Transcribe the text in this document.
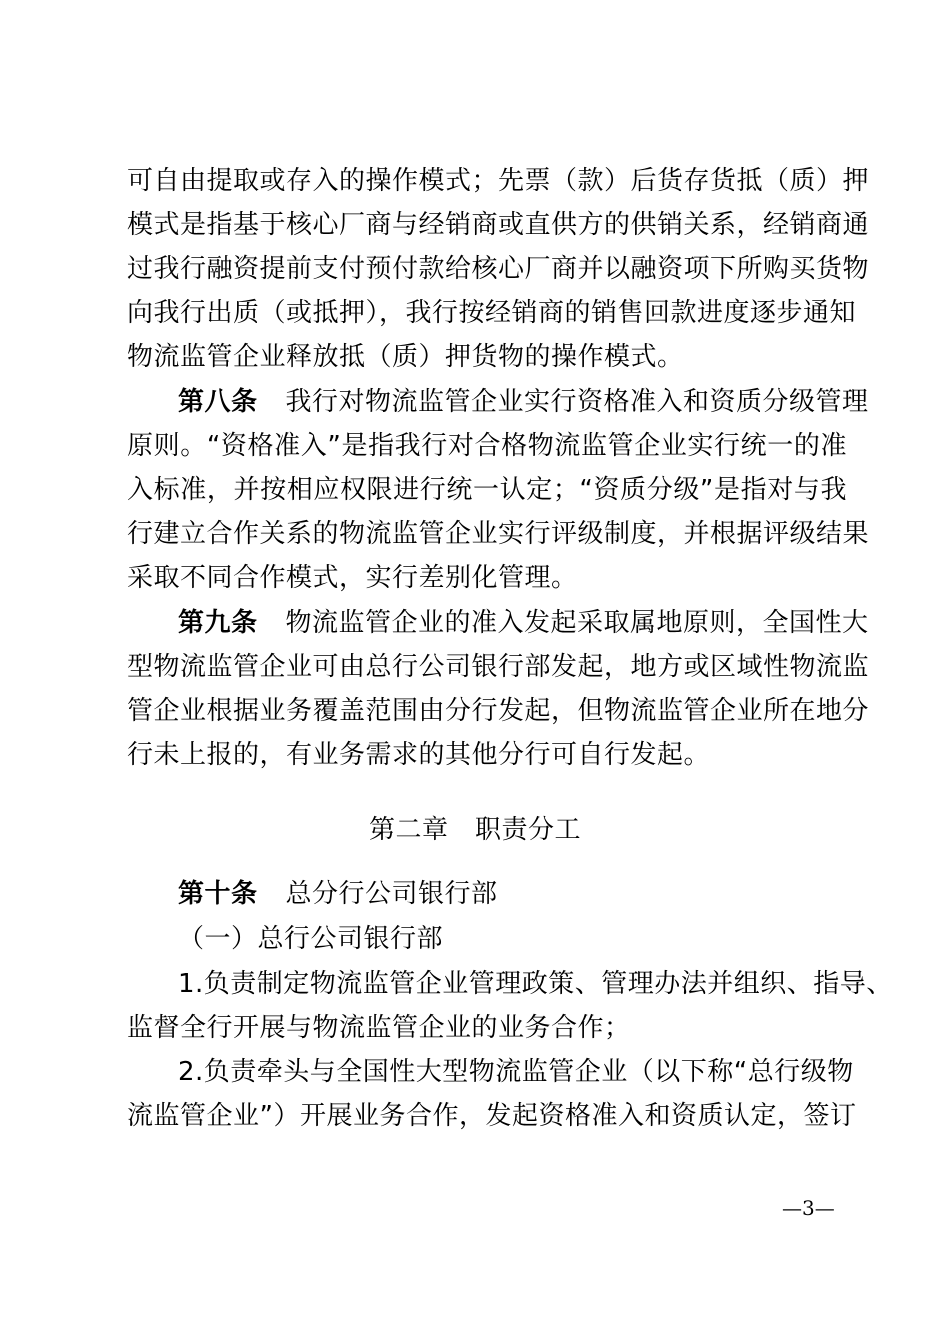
可自由提取或存入的操作模式；先票（款）后货存货抵（质）押
模式是指基于核心厂商与经销商或直供方的供销关系，经销商通
过我行融资提前支付预付款给核心厂商并以融资项下所购买货物
向我行出质（或抵押），我行按经销商的销售回款进度逐步通知
物流监管企业释放抵（质）押货物的操作模式。
第八条 我行对物流监管企业实行资格准入和资质分级管理
原则。“资格准入”是指我行对合格物流监管企业实行统一的准
入标准，并按相应权限进行统一认定；“资质分级”是指对与我
行建立合作关系的物流监管企业实行评级制度，并根据评级结果
采取不同合作模式，实行差别化管理。
第九条 物流监管企业的准入发起采取属地原则，全国性大
型物流监管企业可由总行公司银行部发起，地方或区域性物流监
管企业根据业务覆盖范围由分行发起，但物流监管企业所在地分
行未上报的，有业务需求的其他分行可自行发起。
第二章　职责分工
第十条 总分行公司银行部
（一）总行公司银行部
1.负责制定物流监管企业管理政策、管理办法并组织、指导、
监督全行开展与物流监管企业的业务合作；
2.负责牵头与全国性大型物流监管企业（以下称“总行级物
流监管企业”）开展业务合作，发起资格准入和资质认定，签订
—3—
